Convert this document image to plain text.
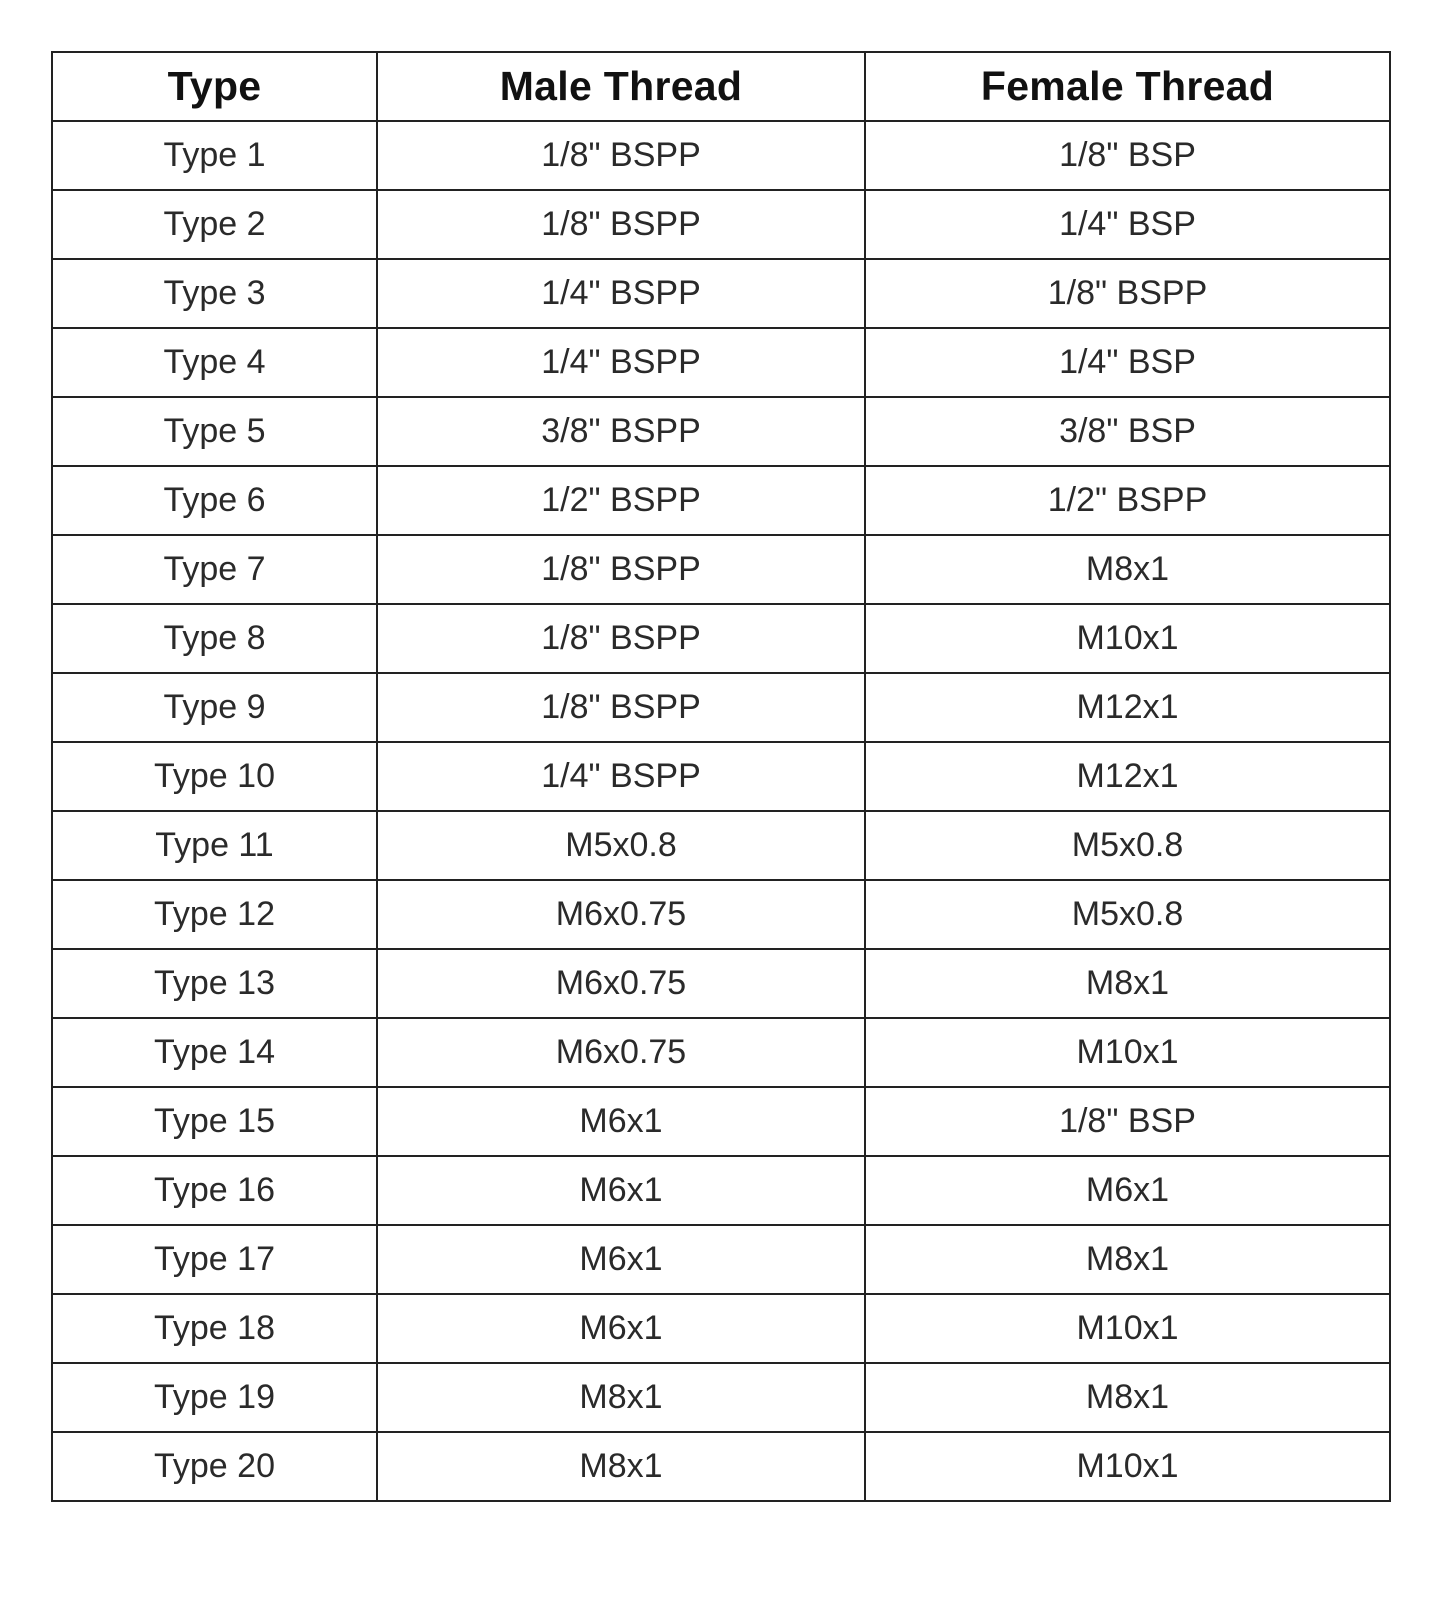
Type	Male Thread	Female Thread
Type 1	1/8" BSPP	1/8" BSP
Type 2	1/8" BSPP	1/4" BSP
Type 3	1/4" BSPP	1/8" BSPP
Type 4	1/4" BSPP	1/4" BSP
Type 5	3/8" BSPP	3/8" BSP
Type 6	1/2" BSPP	1/2" BSPP
Type 7	1/8" BSPP	M8x1
Type 8	1/8" BSPP	M10x1
Type 9	1/8" BSPP	M12x1
Type 10	1/4" BSPP	M12x1
Type 11	M5x0.8	M5x0.8
Type 12	M6x0.75	M5x0.8
Type 13	M6x0.75	M8x1
Type 14	M6x0.75	M10x1
Type 15	M6x1	1/8" BSP
Type 16	M6x1	M6x1
Type 17	M6x1	M8x1
Type 18	M6x1	M10x1
Type 19	M8x1	M8x1
Type 20	M8x1	M10x1
